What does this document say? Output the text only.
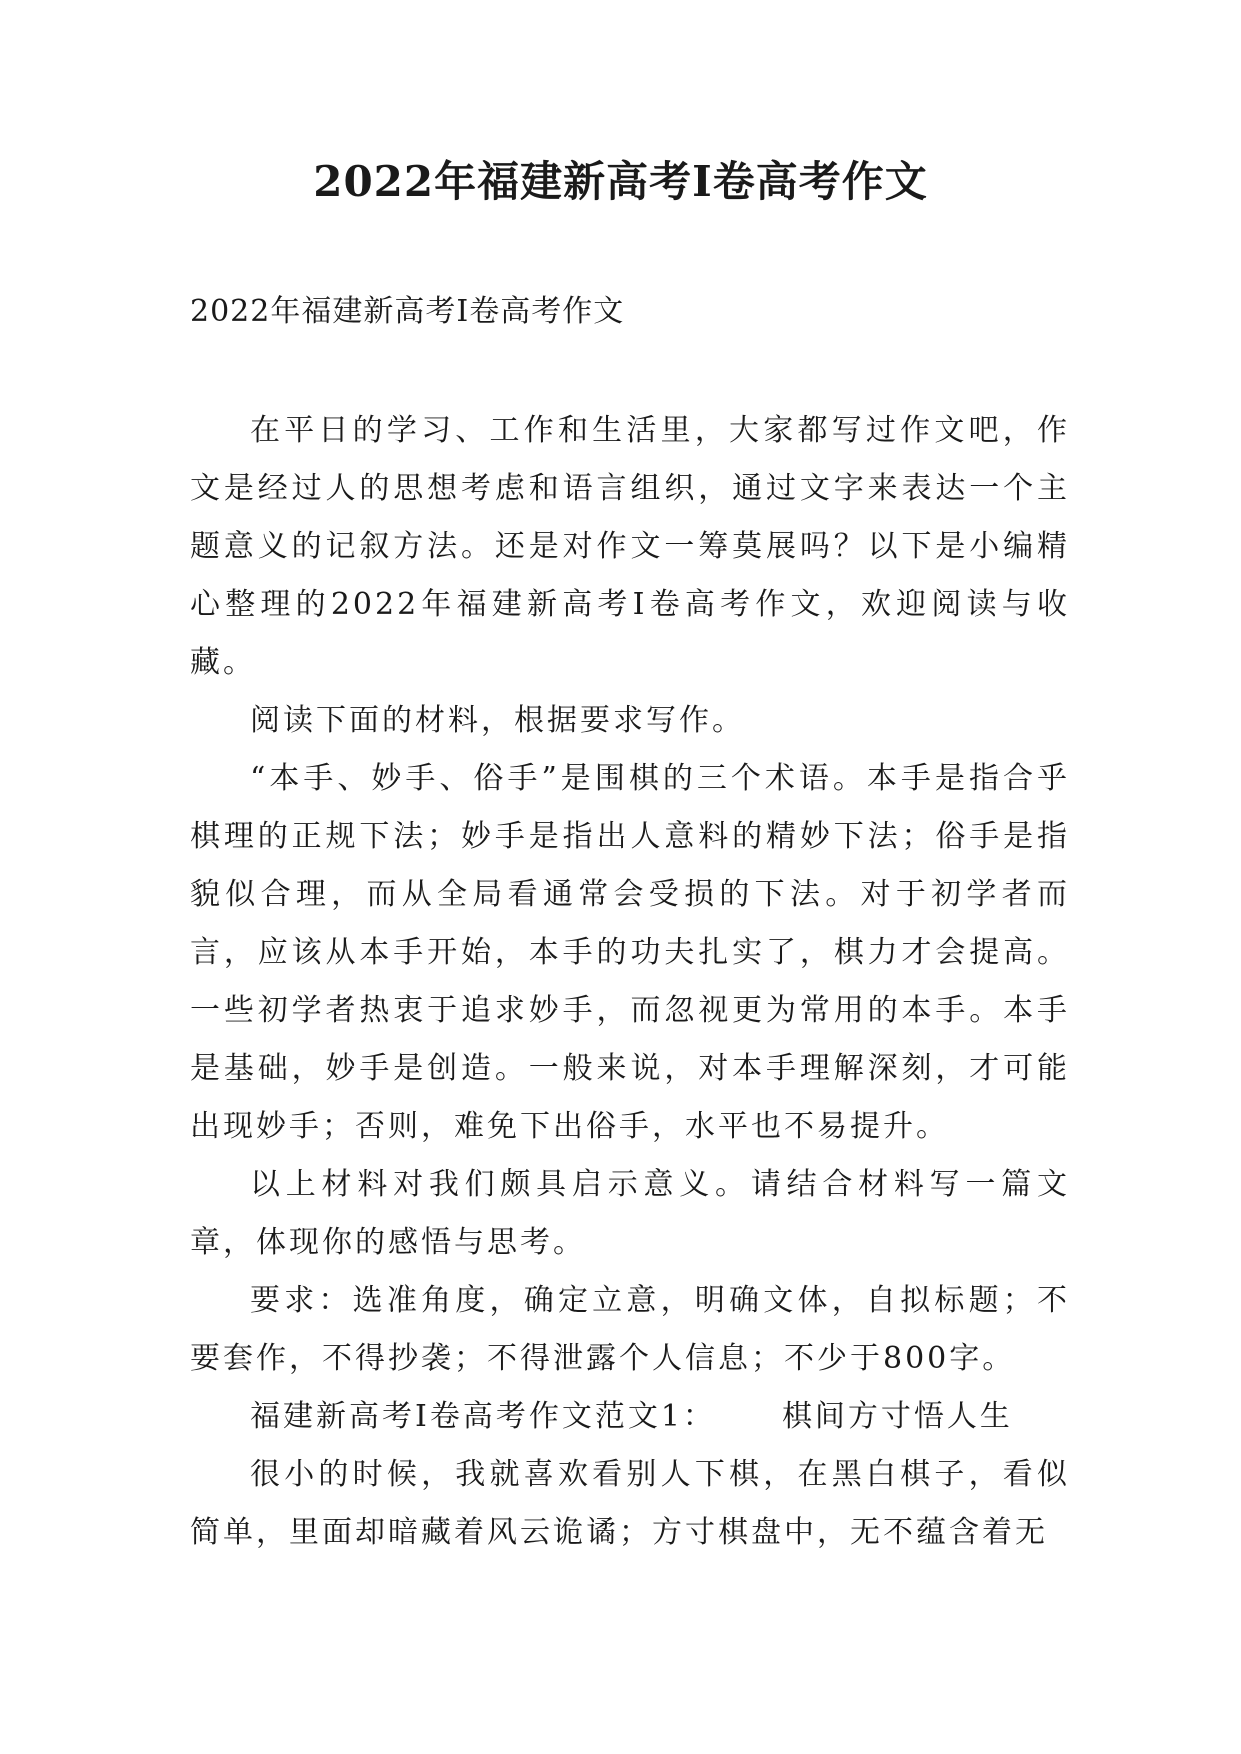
2022年福建新高考Ⅰ卷高考作文

2022年福建新高考Ⅰ卷高考作文

在平日的学习、工作和生活里，大家都写过作文吧，作文是经过人的思想考虑和语言组织，通过文字来表达一个主题意义的记叙方法。还是对作文一筹莫展吗？以下是小编精心整理的2022年福建新高考Ⅰ卷高考作文，欢迎阅读与收藏。

阅读下面的材料，根据要求写作。

“本手、妙手、俗手”是围棋的三个术语。本手是指合乎棋理的正规下法；妙手是指出人意料的精妙下法；俗手是指貌似合理，而从全局看通常会受损的下法。对于初学者而言，应该从本手开始，本手的功夫扎实了，棋力才会提高。一些初学者热衷于追求妙手，而忽视更为常用的本手。本手是基础，妙手是创造。一般来说，对本手理解深刻，才可能出现妙手；否则，难免下出俗手，水平也不易提升。

以上材料对我们颇具启示意义。请结合材料写一篇文章，体现你的感悟与思考。

要求：选准角度，确定立意，明确文体，自拟标题；不要套作，不得抄袭；不得泄露个人信息；不少于800字。

福建新高考Ⅰ卷高考作文范文1： 棋间方寸悟人生

很小的时候，我就喜欢看别人下棋，在黑白棋子，看似简单，里面却暗藏着风云诡谲；方寸棋盘中，无不蕴含着无
